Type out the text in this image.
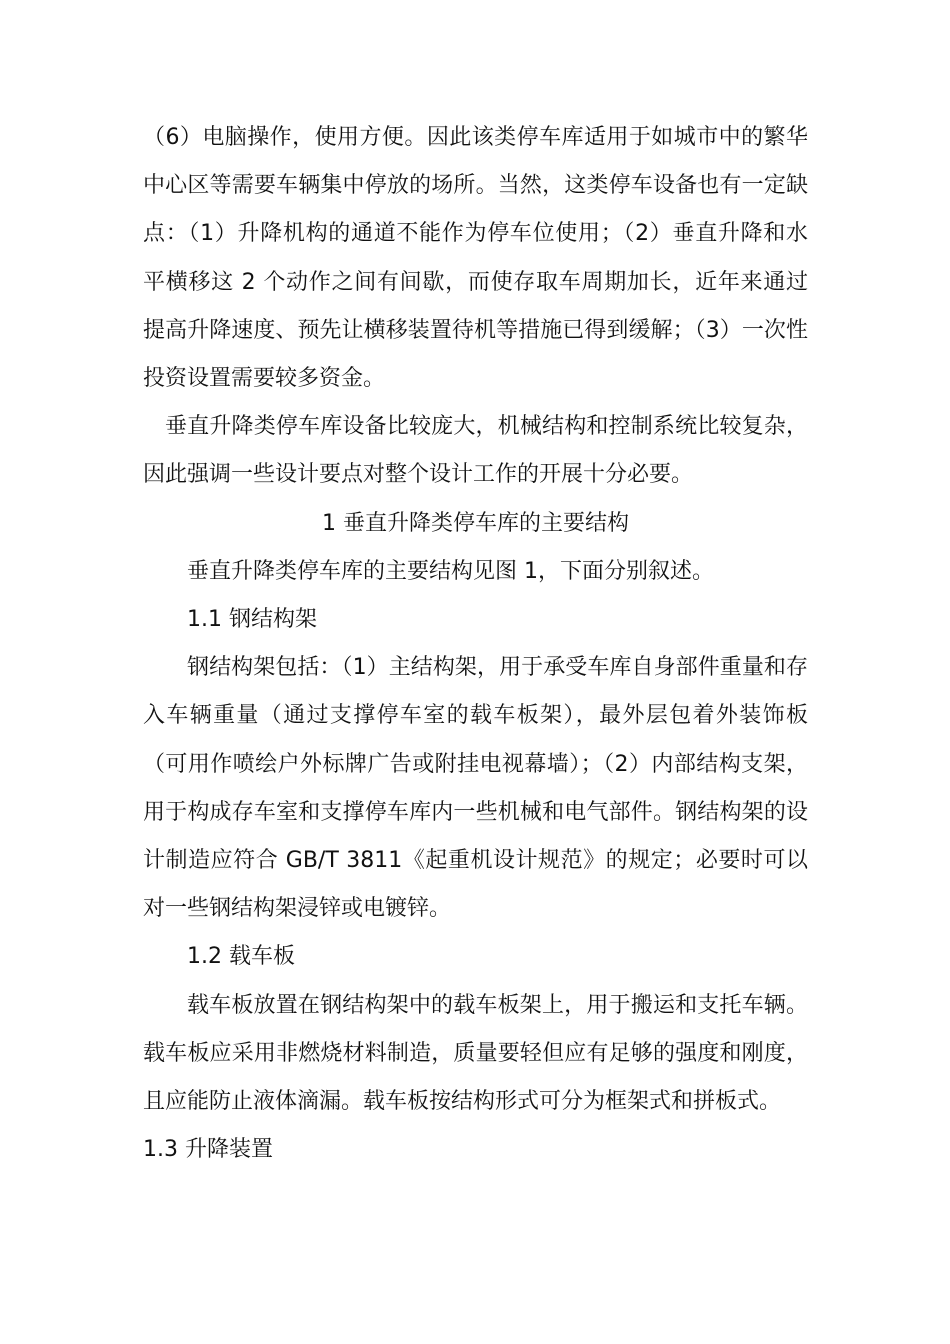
（6）电脑操作，使用方便。因此该类停车库适用于如城市中的繁华中心区等需要车辆集中停放的场所。当然，这类停车设备也有一定缺点：（1）升降机构的通道不能作为停车位使用；（2）垂直升降和水平横移这 2 个动作之间有间歇，而使存取车周期加长，近年来通过提高升降速度、预先让横移装置待机等措施已得到缓解；（3）一次性投资设置需要较多资金。

垂直升降类停车库设备比较庞大，机械结构和控制系统比较复杂，因此强调一些设计要点对整个设计工作的开展十分必要。

1 垂直升降类停车库的主要结构

垂直升降类停车库的主要结构见图 1，下面分别叙述。

1.1 钢结构架

钢结构架包括：（1）主结构架，用于承受车库自身部件重量和存入车辆重量（通过支撑停车室的载车板架），最外层包着外装饰板（可用作喷绘户外标牌广告或附挂电视幕墙）；（2）内部结构支架，用于构成存车室和支撑停车库内一些机械和电气部件。钢结构架的设计制造应符合 GB/T 3811《起重机设计规范》的规定；必要时可以对一些钢结构架浸锌或电镀锌。

1.2 载车板

载车板放置在钢结构架中的载车板架上，用于搬运和支托车辆。载车板应采用非燃烧材料制造，质量要轻但应有足够的强度和刚度，且应能防止液体滴漏。载车板按结构形式可分为框架式和拼板式。

1.3 升降装置
